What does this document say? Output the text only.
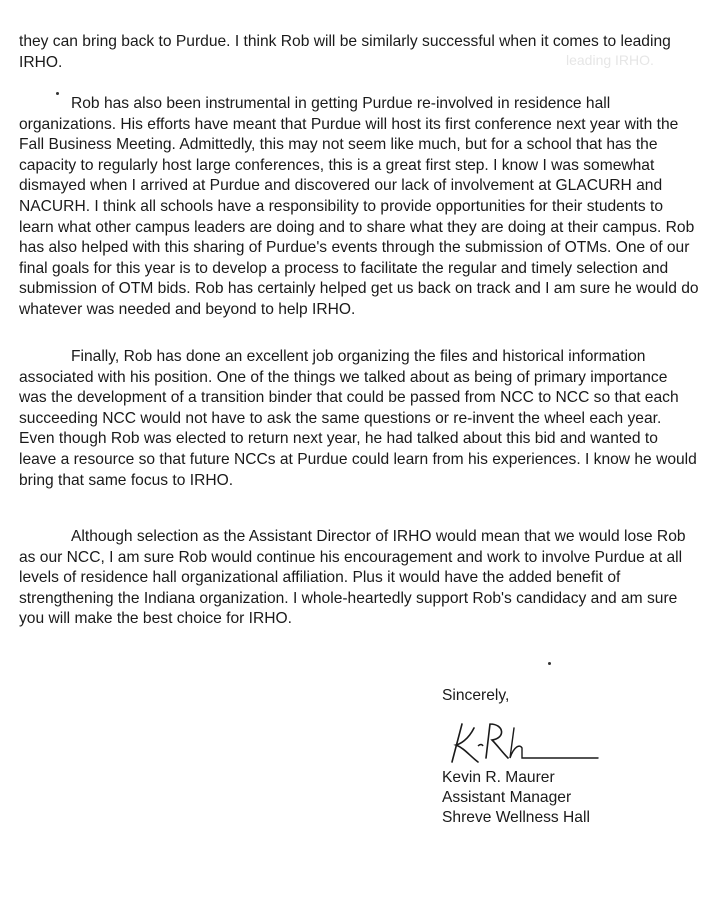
leading IRHO.

they can bring back to Purdue. I think Rob will be similarly successful when it comes to leading IRHO.

Rob has also been instrumental in getting Purdue re-involved in residence hall organizations. His efforts have meant that Purdue will host its first conference next year with the Fall Business Meeting. Admittedly, this may not seem like much, but for a school that has the capacity to regularly host large conferences, this is a great first step. I know I was somewhat dismayed when I arrived at Purdue and discovered our lack of involvement at GLACURH and NACURH. I think all schools have a responsibility to provide opportunities for their students to learn what other campus leaders are doing and to share what they are doing at their campus. Rob has also helped with this sharing of Purdue's events through the submission of OTMs. One of our final goals for this year is to develop a process to facilitate the regular and timely selection and submission of OTM bids. Rob has certainly helped get us back on track and I am sure he would do whatever was needed and beyond to help IRHO.

Finally, Rob has done an excellent job organizing the files and historical information associated with his position. One of the things we talked about as being of primary importance was the development of a transition binder that could be passed from NCC to NCC so that each succeeding NCC would not have to ask the same questions or re-invent the wheel each year. Even though Rob was elected to return next year, he had talked about this bid and wanted to leave a resource so that future NCCs at Purdue could learn from his experiences. I know he would bring that same focus to IRHO.

Although selection as the Assistant Director of IRHO would mean that we would lose Rob as our NCC, I am sure Rob would continue his encouragement and work to involve Purdue at all levels of residence hall organizational affiliation. Plus it would have the added benefit of strengthening the Indiana organization. I whole-heartedly support Rob's candidacy and am sure you will make the best choice for IRHO.

Sincerely,
Kevin R. Maurer
Assistant Manager
Shreve Wellness Hall
